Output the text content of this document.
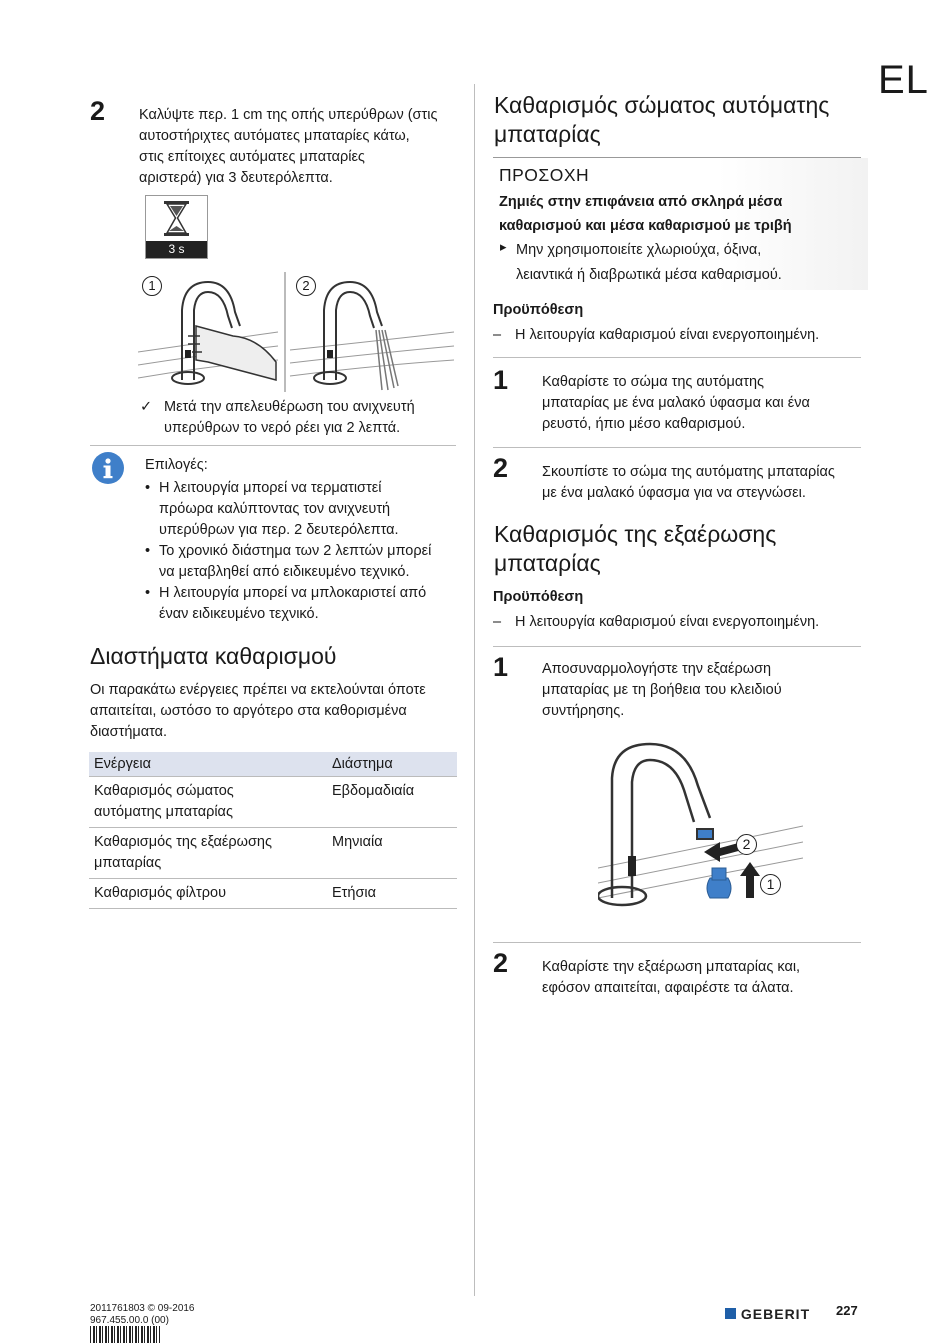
EL
2 Καλύψτε περ. 1 cm της οπής υπερύθρων (στις
αυτοστήριχτες αυτόματες μπαταρίες κάτω,
στις επίτοιχες αυτόματες μπαταρίες
αριστερά) για 3 δευτερόλεπτα.
3 s
1	2
✓ Μετά την απελευθέρωση του ανιχνευτή
υπερύθρων το νερό ρέει για 2 λεπτά.
Επιλογές:
• Η λειτουργία μπορεί να τερματιστεί
πρόωρα καλύπτοντας τον ανιχνευτή
υπερύθρων για περ. 2 δευτερόλεπτα.
• Το χρονικό διάστημα των 2 λεπτών μπορεί
να μεταβληθεί από ειδικευμένο τεχνικό.
• Η λειτουργία μπορεί να μπλοκαριστεί από
έναν ειδικευμένο τεχνικό.
Διαστήματα καθαρισμού
Οι παρακάτω ενέργειες πρέπει να εκτελούνται όποτε
απαιτείται, ωστόσο το αργότερο στα καθορισμένα
διαστήματα.
Ενέργεια	Διάστημα

Καθαρισμός σώματος
αυτόματης μπαταρίας	Εβδομαδιαία

Καθαρισμός της εξαέρωσης
μπαταρίας	Μηνιαία

Καθαρισμός φίλτρου	Ετήσια
Καθαρισμός σώματος αυτόματης
μπαταρίας
ΠΡΟΣΟΧΗ
Ζημιές στην επιφάνεια από σκληρά μέσα
καθαρισμού και μέσα καθαρισμού με τριβή
▸ Μην χρησιμοποιείτε χλωριούχα, όξινα,
λειαντικά ή διαβρωτικά μέσα καθαρισμού.
Προϋπόθεση
– Η λειτουργία καθαρισμού είναι ενεργοποιημένη.
1 Καθαρίστε το σώμα της αυτόματης
μπαταρίας με ένα μαλακό ύφασμα και ένα
ρευστό, ήπιο μέσο καθαρισμού.
2 Σκουπίστε το σώμα της αυτόματης μπαταρίας
με ένα μαλακό ύφασμα για να στεγνώσει.
Καθαρισμός της εξαέρωσης
μπαταρίας
Προϋπόθεση
– Η λειτουργία καθαρισμού είναι ενεργοποιημένη.
1 Αποσυναρμολογήστε την εξαέρωση
μπαταρίας με τη βοήθεια του κλειδιού
συντήρησης.
2
1
2 Καθαρίστε την εξαέρωση μπαταρίας και,
εφόσον απαιτείται, αφαιρέστε τα άλατα.
2011761803 © 09-2016
967.455.00.0 (00)	GEBERIT 227
